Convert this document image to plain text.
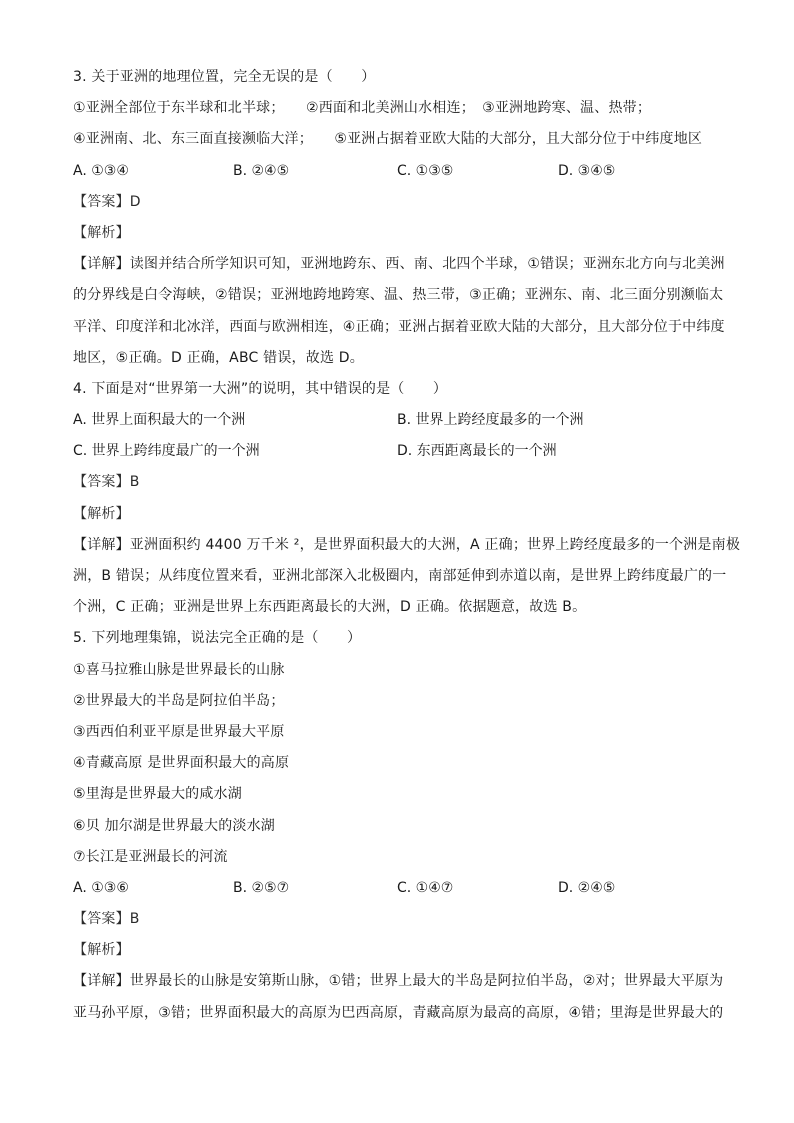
3. 关于亚洲的地理位置，完全无误的是（　　）
①亚洲全部位于东半球和北半球；　　②西面和北美洲山水相连；　③亚洲地跨寒、温、热带；
④亚洲南、北、东三面直接濒临大洋；　　⑤亚洲占据着亚欧大陆的大部分，且大部分位于中纬度地区
A. ①③④	B. ②④⑤	C. ①③⑤	D. ③④⑤
【答案】D
【解析】
【详解】读图并结合所学知识可知，亚洲地跨东、西、南、北四个半球，①错误；亚洲东北方向与北美洲
的分界线是白令海峡，②错误；亚洲地跨地跨寒、温、热三带，③正确；亚洲东、南、北三面分别濒临太
平洋、印度洋和北冰洋，西面与欧洲相连，④正确；亚洲占据着亚欧大陆的大部分，且大部分位于中纬度
地区，⑤正确。D 正确，ABC 错误，故选 D。
4. 下面是对“世界第一大洲”的说明，其中错误的是（　　）
A. 世界上面积最大的一个洲	B. 世界上跨经度最多的一个洲
C. 世界上跨纬度最广的一个洲	D. 东西距离最长的一个洲
【答案】B
【解析】
【详解】亚洲面积约 4400 万千米 ²，是世界面积最大的大洲，A 正确；世界上跨经度最多的一个洲是南极
洲，B 错误；从纬度位置来看，亚洲北部深入北极圈内，南部延伸到赤道以南，是世界上跨纬度最广的一
个洲，C 正确；亚洲是世界上东西距离最长的大洲，D 正确。依据题意，故选 B。
5. 下列地理集锦，说法完全正确的是（　　）
①喜马拉雅山脉是世界最长的山脉
②世界最大的半岛是阿拉伯半岛；
③西西伯利亚平原是世界最大平原
④青藏高原 是世界面积最大的高原
⑤里海是世界最大的咸水湖
⑥贝 加尔湖是世界最大的淡水湖
⑦长江是亚洲最长的河流
A. ①③⑥	B. ②⑤⑦	C. ①④⑦	D. ②④⑤
【答案】B
【解析】
【详解】世界最长的山脉是安第斯山脉，①错；世界上最大的半岛是阿拉伯半岛，②对；世界最大平原为
亚马孙平原，③错；世界面积最大的高原为巴西高原，青藏高原为最高的高原，④错；里海是世界最大的
